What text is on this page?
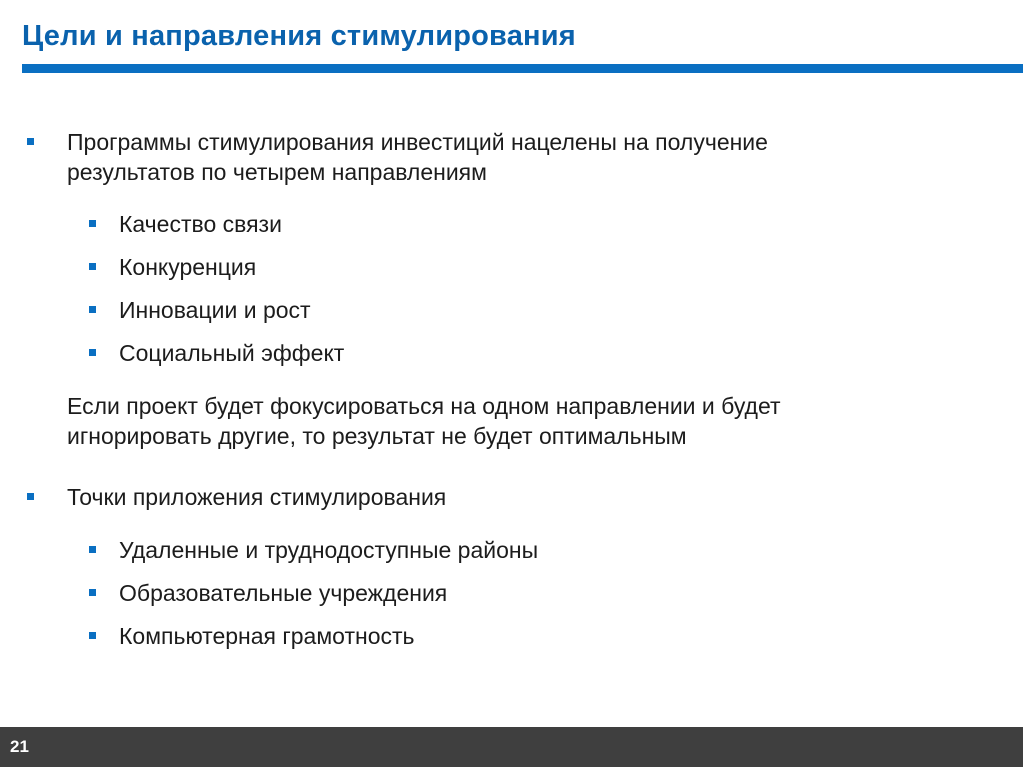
Цели и направления стимулирования
Программы стимулирования инвестиций нацелены на получение результатов по четырем направлениям
Качество связи
Конкуренция
Инновации и рост
Социальный эффект
Если проект будет фокусироваться на одном направлении и будет игнорировать другие, то результат не будет оптимальным
Точки приложения стимулирования
Удаленные и труднодоступные районы
Образовательные учреждения
Компьютерная грамотность
21
